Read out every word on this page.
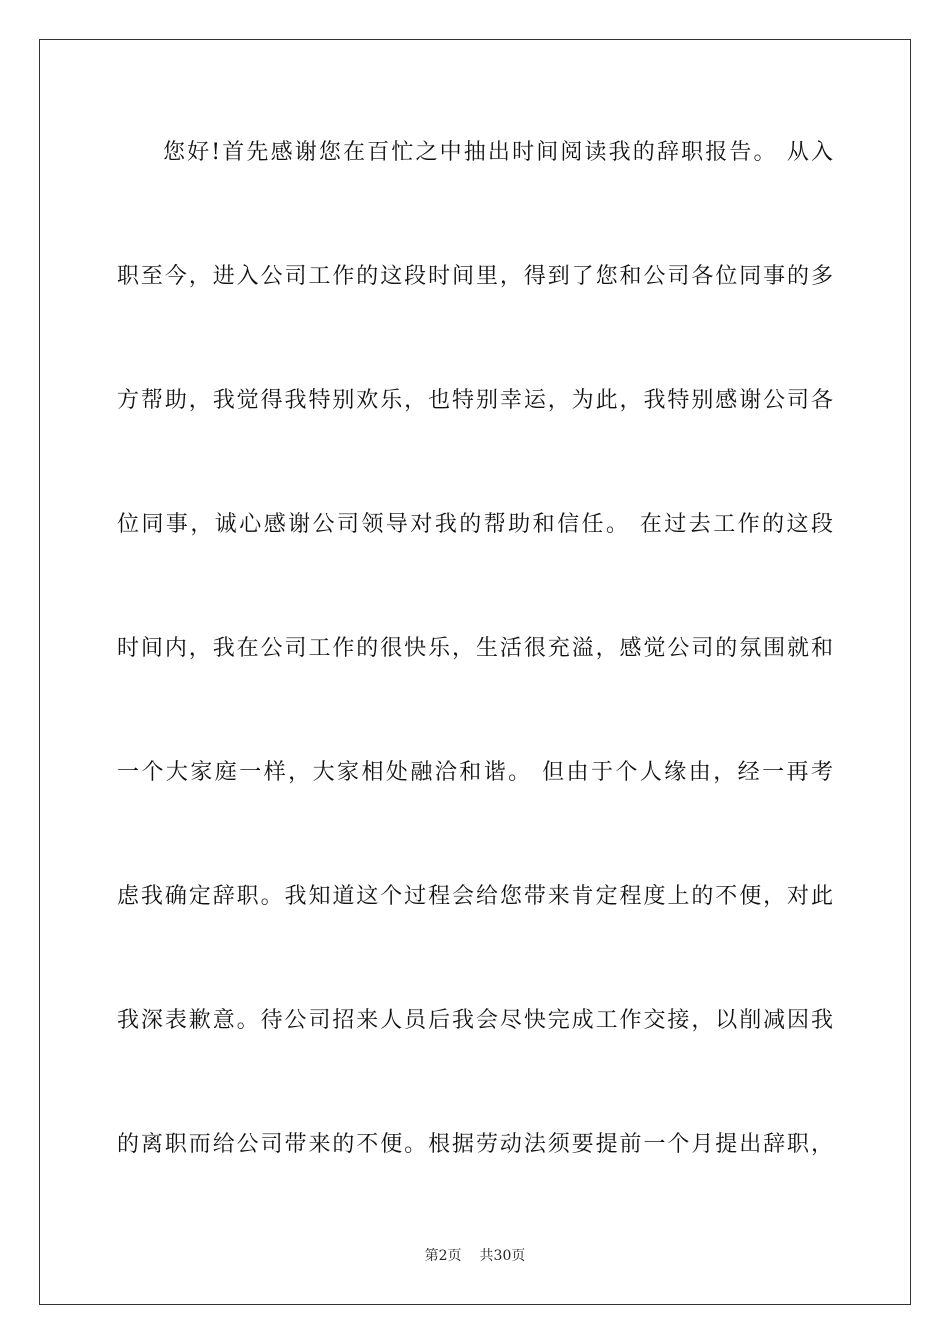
您好!首先感谢您在百忙之中抽出时间阅读我的辞职报告。 从入
职至今，进入公司工作的这段时间里，得到了您和公司各位同事的多
方帮助，我觉得我特别欢乐，也特别幸运，为此，我特别感谢公司各
位同事，诚心感谢公司领导对我的帮助和信任。 在过去工作的这段
时间内，我在公司工作的很快乐，生活很充溢，感觉公司的氛围就和
一个大家庭一样，大家相处融洽和谐。 但由于个人缘由，经一再考
虑我确定辞职。我知道这个过程会给您带来肯定程度上的不便，对此
我深表歉意。待公司招来人员后我会尽快完成工作交接，以削减因我
的离职而给公司带来的不便。根据劳动法须要提前一个月提出辞职，
第2页 共30页
